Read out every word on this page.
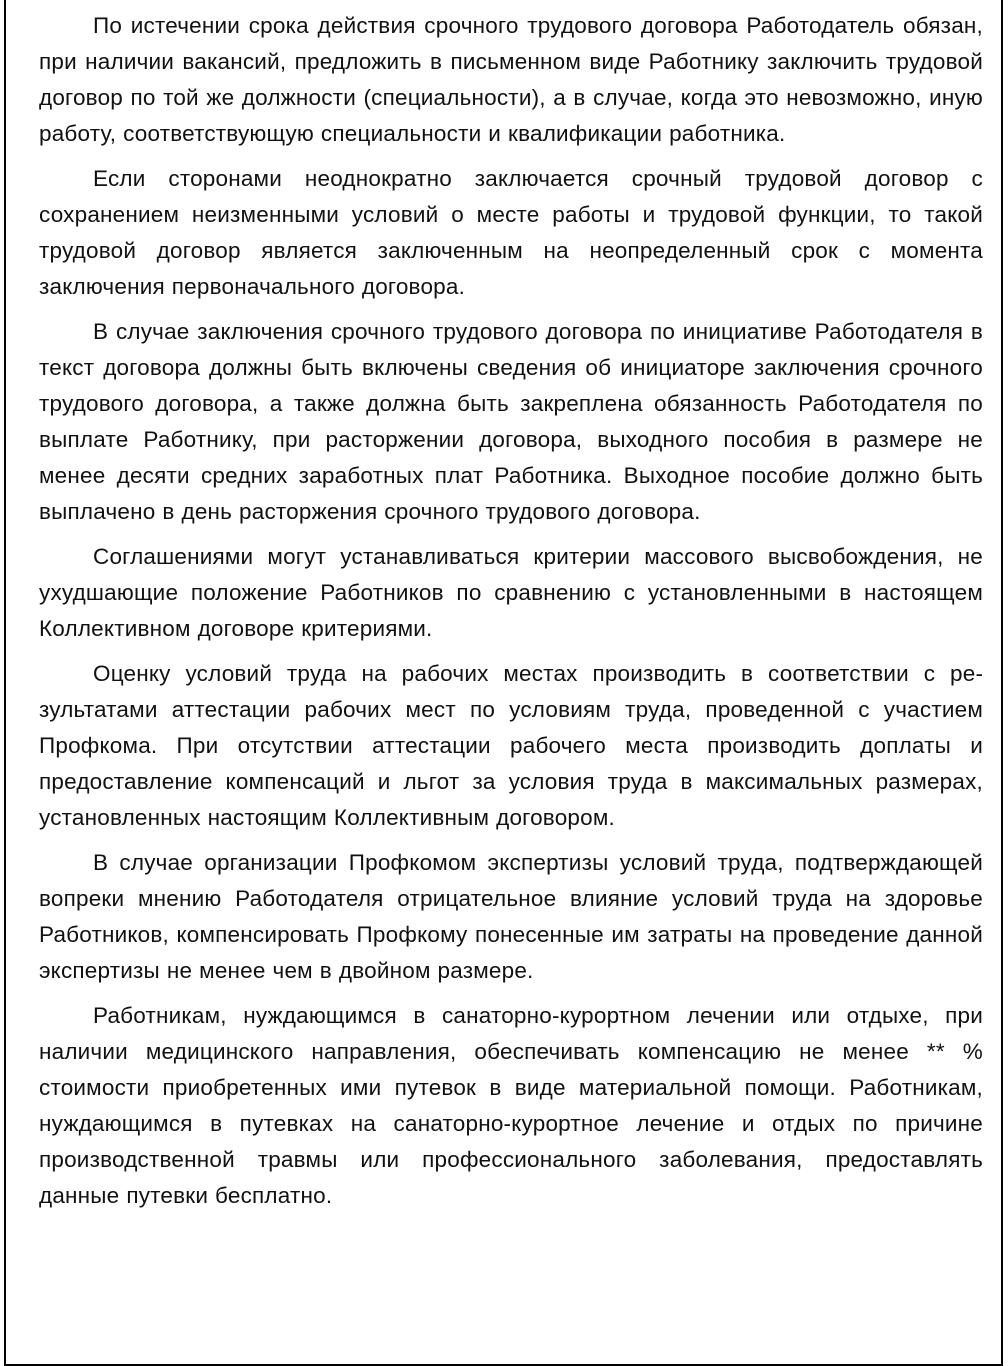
По истечении срока действия срочного трудового договора Работодатель обязан, при наличии вакансий, предложить в письменном виде Работнику заключить трудовой договор по той же должности (специальности), а в случае, когда это невозможно, иную работу, соответствующую специальности и квалификации работника.

Если сторонами неоднократно заключается срочный трудовой договор с сохранением неизменными условий о месте работы и трудовой функции, то такой трудовой договор является заключенным на неопределенный срок с момента заключения первоначального договора.

В случае заключения срочного трудового договора по инициативе Работодателя в текст договора должны быть включены сведения об инициаторе заключения срочного трудового договора, а также должна быть закреплена обязанность Работодателя по выплате Работнику, при расторжении договора, выходного пособия в размере не менее десяти средних заработных плат Работника. Выходное пособие должно быть выплачено в день расторжения срочного трудового договора.

Соглашениями могут устанавливаться критерии массового высвобождения, не ухудшающие положение Работников по сравнению с установленными в настоящем Коллективном договоре критериями.

Оценку условий труда на рабочих местах производить в соответствии с результатами аттестации рабочих мест по условиям труда, проведенной с участием Профкома. При отсутствии аттестации рабочего места производить доплаты и предоставление компенсаций и льгот за условия труда в максимальных размерах, установленных настоящим Коллективным договором.

В случае организации Профкомом экспертизы условий труда, подтверждающей вопреки мнению Работодателя отрицательное влияние условий труда на здоровье Работников, компенсировать Профкому понесенные им затраты на проведение данной экспертизы не менее чем в двойном размере.

Работникам, нуждающимся в санаторно-курортном лечении или отдыхе, при наличии медицинского направления, обеспечивать компенсацию не менее ** % стоимости приобретенных ими путевок в виде материальной помощи. Работникам, нуждающимся в путевках на санаторно-курортное лечение и отдых по причине производственной травмы или профессионального заболевания, предоставлять данные путевки бесплатно.
